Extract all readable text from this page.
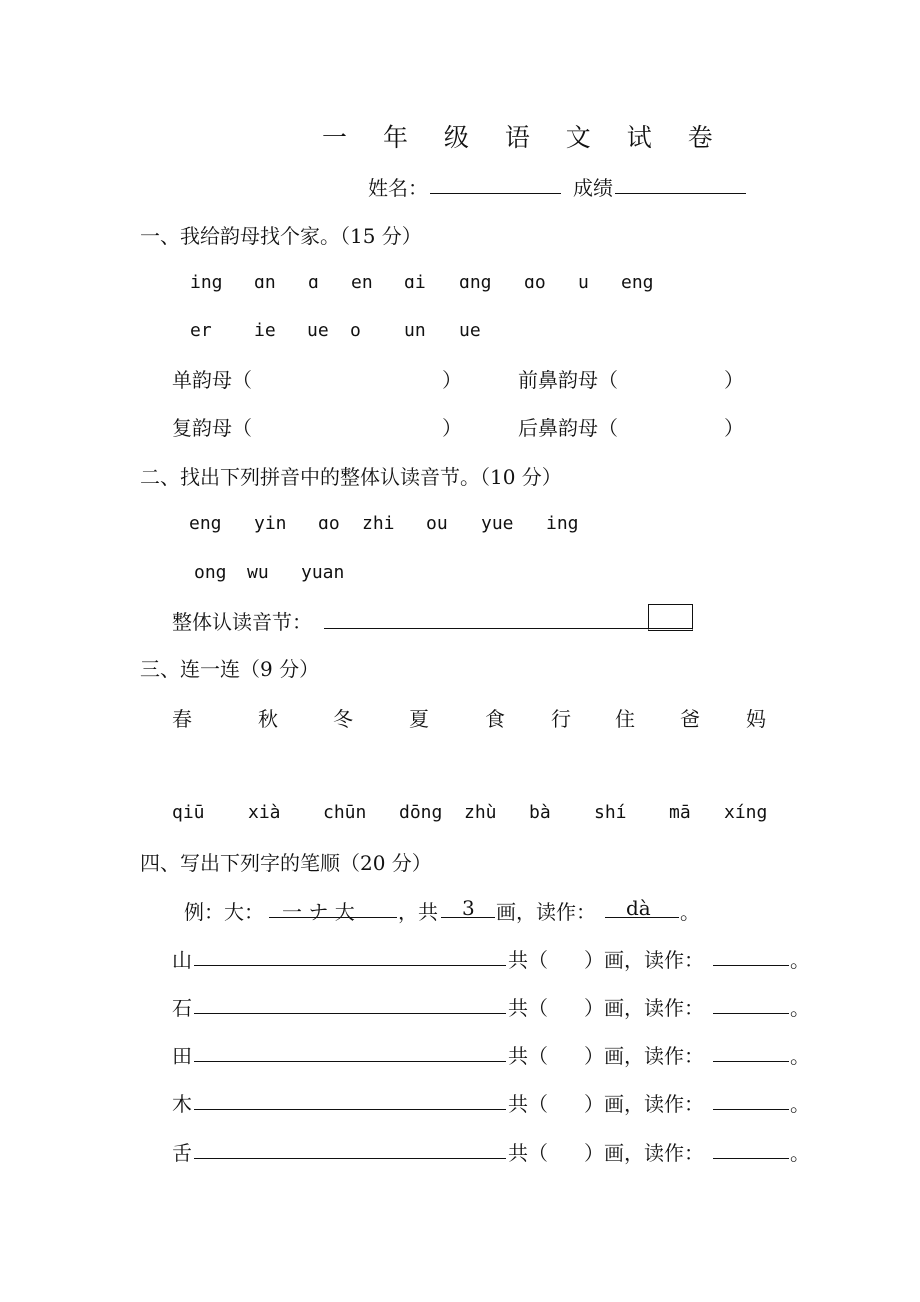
一 年 级 语 文 试 卷
姓名：	成绩
一、我给韵母找个家。（15 分）
ing ɑn ɑ en ɑi ɑng ɑo u eng
er ie ue o un ue
单韵母（	）	前鼻韵母（	）
复韵母（	）	后鼻韵母（	）
二、找出下列拼音中的整体认读音节。（10 分）
eng yin ɑo zhi ou yue ing
ong wu yuan
整体认读音节：
三、连一连（9 分）
春	秋	冬	夏	食 行 住 爸 妈
qiū xià chūn dōng zhù bà shí mā xíng
四、写出下列字的笔顺（20 分）
例：大： 一 ナ 大 ，共 3 画，读作： dà 。
山	共（ ）画，读作：	。
石	共（ ）画，读作：	。
田	共（ ）画，读作：	。
木	共（ ）画，读作：	。
舌	共（ ）画，读作：	。
